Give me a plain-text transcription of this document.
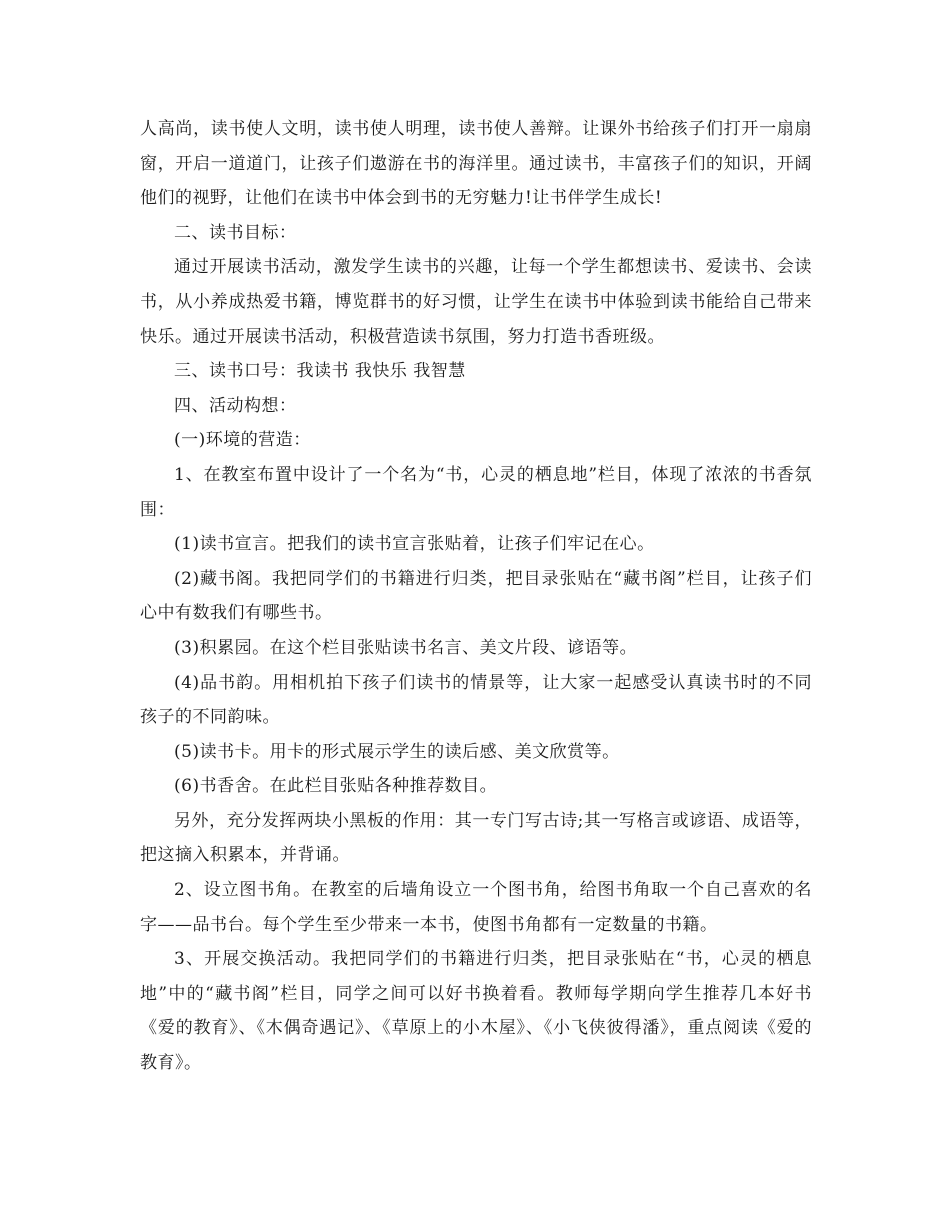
人高尚，读书使人文明，读书使人明理，读书使人善辩。让课外书给孩子们打开一扇扇窗，开启一道道门，让孩子们遨游在书的海洋里。通过读书，丰富孩子们的知识，开阔他们的视野，让他们在读书中体会到书的无穷魅力!让书伴学生成长!

二、读书目标：

通过开展读书活动，激发学生读书的兴趣，让每一个学生都想读书、爱读书、会读书，从小养成热爱书籍，博览群书的好习惯，让学生在读书中体验到读书能给自己带来快乐。通过开展读书活动，积极营造读书氛围，努力打造书香班级。

三、读书口号：我读书 我快乐 我智慧

四、活动构想：

(一)环境的营造：

1、在教室布置中设计了一个名为“书，心灵的栖息地”栏目，体现了浓浓的书香氛围：

(1)读书宣言。把我们的读书宣言张贴着，让孩子们牢记在心。

(2)藏书阁。我把同学们的书籍进行归类，把目录张贴在“藏书阁”栏目，让孩子们心中有数我们有哪些书。

(3)积累园。在这个栏目张贴读书名言、美文片段、谚语等。

(4)品书韵。用相机拍下孩子们读书的情景等，让大家一起感受认真读书时的不同孩子的不同韵味。

(5)读书卡。用卡的形式展示学生的读后感、美文欣赏等。

(6)书香舍。在此栏目张贴各种推荐数目。

另外，充分发挥两块小黑板的作用：其一专门写古诗;其一写格言或谚语、成语等，把这摘入积累本，并背诵。

2、设立图书角。在教室的后墙角设立一个图书角，给图书角取一个自己喜欢的名字——品书台。每个学生至少带来一本书，使图书角都有一定数量的书籍。

3、开展交换活动。我把同学们的书籍进行归类，把目录张贴在“书，心灵的栖息地”中的“藏书阁”栏目，同学之间可以好书换着看。教师每学期向学生推荐几本好书《爱的教育》、《木偶奇遇记》、《草原上的小木屋》、《小飞侠彼得潘》，重点阅读《爱的教育》。
